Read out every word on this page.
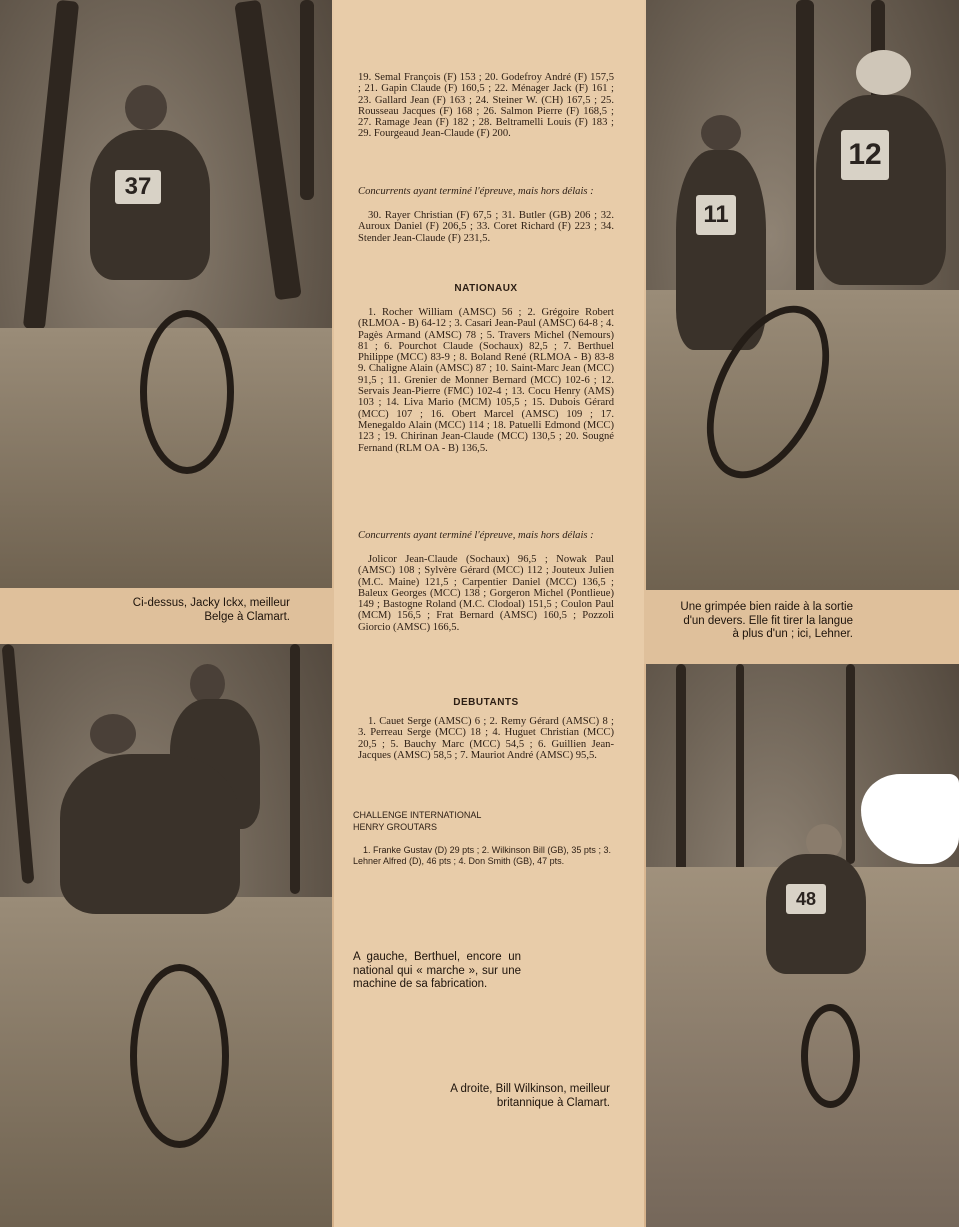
37
11
12
48
Ci-dessus, Jacky Ickx, meilleur Belge à Clamart.
Une grimpée bien raide à la sortie d'un devers. Elle fit tirer la langue à plus d'un ; ici, Lehner.
19. Semal François (F) 153 ; 20. Godefroy André (F) 157,5 ; 21. Gapin Claude (F) 160,5 ; 22. Ménager Jack (F) 161 ; 23. Gallard Jean (F) 163 ; 24. Steiner W. (CH) 167,5 ; 25. Rousseau Jacques (F) 168 ; 26. Salmon Pierre (F) 168,5 ; 27. Ramage Jean (F) 182 ; 28. Beltramelli Louis (F) 183 ; 29. Fourgeaud Jean-Claude (F) 200.
Concurrents ayant terminé l'épreuve, mais hors délais :
30. Rayer Christian (F) 67,5 ; 31. Butler (GB) 206 ; 32. Auroux Daniel (F) 206,5 ; 33. Coret Richard (F) 223 ; 34. Stender Jean-Claude (F) 231,5.
NATIONAUX
1. Rocher William (AMSC) 56 ; 2. Grégoire Robert (RLMOA - B) 64-12 ; 3. Casari Jean-Paul (AMSC) 64-8 ; 4. Pagès Armand (AMSC) 78 ; 5. Travers Michel (Nemours) 81 ; 6. Pourchot Claude (Sochaux) 82,5 ; 7. Berthuel Philippe (MCC) 83-9 ; 8. Boland René (RLMOA - B) 83-8 9. Chaligne Alain (AMSC) 87 ; 10. Saint-Marc Jean (MCC) 91,5 ; 11. Grenier de Monner Bernard (MCC) 102-6 ; 12. Servais Jean-Pierre (FMC) 102-4 ; 13. Cocu Henry (AMS) 103 ; 14. Liva Mario (MCM) 105,5 ; 15. Dubois Gérard (MCC) 107 ; 16. Obert Marcel (AMSC) 109 ; 17. Menegaldo Alain (MCC) 114 ; 18. Patuelli Edmond (MCC) 123 ; 19. Chirinan Jean-Claude (MCC) 130,5 ; 20. Sougné Fernand (RLM OA - B) 136,5.
Concurrents ayant terminé l'épreuve, mais hors délais :
Jolicor Jean-Claude (Sochaux) 96,5 ; Nowak Paul (AMSC) 108 ; Sylvère Gérard (MCC) 112 ; Jouteux Julien (M.C. Maine) 121,5 ; Carpentier Daniel (MCC) 136,5 ; Baleux Georges (MCC) 138 ; Gorgeron Michel (Pontlieue) 149 ; Bastogne Roland (M.C. Clodoal) 151,5 ; Coulon Paul (MCM) 156,5 ; Frat Bernard (AMSC) 160,5 ; Pozzoli Giorcio (AMSC) 166,5.
DEBUTANTS
1. Cauet Serge (AMSC) 6 ; 2. Remy Gérard (AMSC) 8 ; 3. Perreau Serge (MCC) 18 ; 4. Huguet Christian (MCC) 20,5 ; 5. Bauchy Marc (MCC) 54,5 ; 6. Guillien Jean-Jacques (AMSC) 58,5 ; 7. Mauriot André (AMSC) 95,5.
CHALLENGE INTERNATIONAL
HENRY GROUTARS
1. Franke Gustav (D) 29 pts ; 2. Wilkinson Bill (GB), 35 pts ; 3. Lehner Alfred (D), 46 pts ; 4. Don Smith (GB), 47 pts.
A gauche, Berthuel, encore un national qui « marche », sur une machine de sa fabrication.
A droite, Bill Wilkinson, meilleur britannique à Clamart.
